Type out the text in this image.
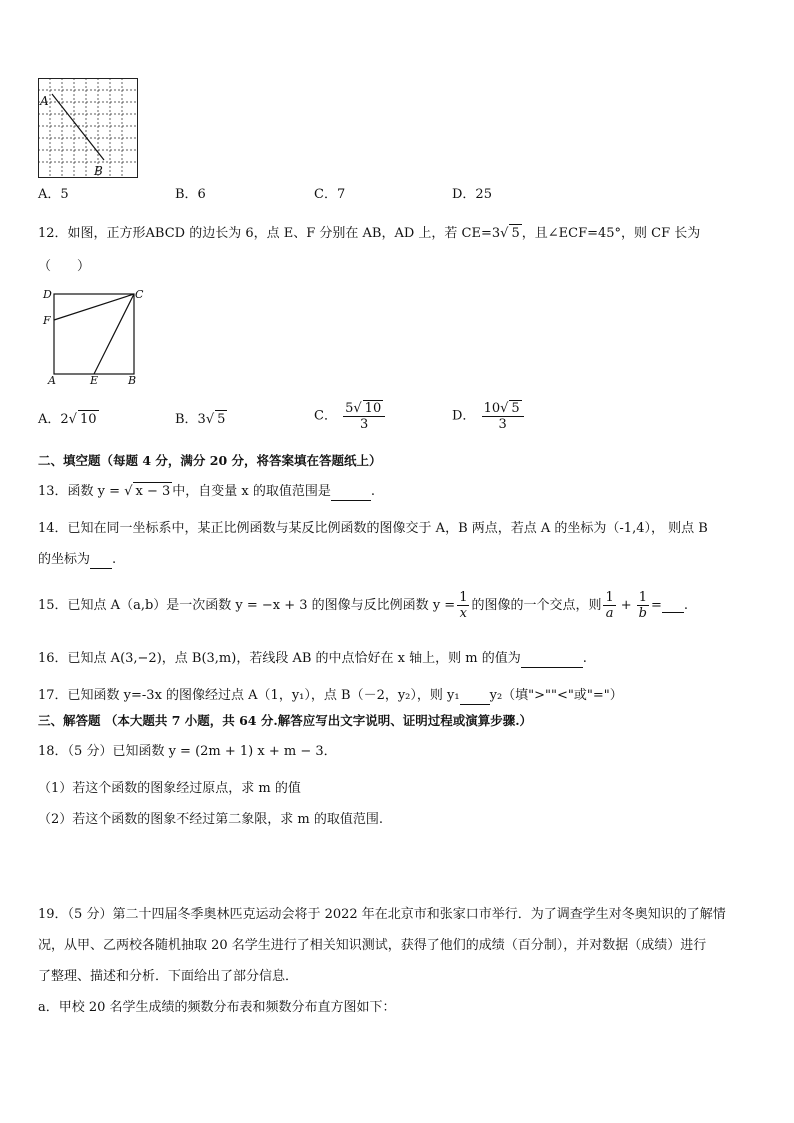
A
B
A．5	B．6	C．7	D．25
12．如图，正方形ABCD 的边长为 6，点 E、F 分别在 AB，AD 上，若 CE=3√ 5 ，且∠ECF=45°，则 CF 长为
（　　）
D	C
F
A	E	B
A．2√ 10	B．3√ 5	C． $\frac{5√ 10}{3}$	D． $\frac{10√ 5}{3}$
二、填空题（每题 4 分，满分 20 分，将答案填在答题纸上）
13．函数 y = √ x − 3 中，自变量 x 的取值范围是	.
14．已知在同一坐标系中，某正比例函数与某反比例函数的图像交于 A，B 两点，若点 A 的坐标为（-1,4）， 则点 B
的坐标为 .
15．已知点 A（a,b）是一次函数 y = −x + 3 的图像与反比例函数 $y = \frac{1}{x}$ 的图像的一个交点，则 $\frac{1}{a} + \frac{1}{b}$ = .
16．已知点 A(3,−2)，点 B(3,m)，若线段 AB 的中点恰好在 x 轴上，则 m 的值为	.
17．已知函数 y=-3x 的图像经过点 A（1，y₁），点 B（－2，y₂），则 y₁ y₂（填">""<"或"="）
三、解答题 （本大题共 7 小题，共 64 分.解答应写出文字说明、证明过程或演算步骤.）
18．（5 分）已知函数 y = (2m + 1) x + m − 3．
（1）若这个函数的图象经过原点，求 m 的值
（2）若这个函数的图象不经过第二象限，求 m 的取值范围.
19．（5 分）第二十四届冬季奥林匹克运动会将于 2022 年在北京市和张家口市举行．为了调查学生对冬奥知识的了解情
况，从甲、乙两校各随机抽取 20 名学生进行了相关知识测试，获得了他们的成绩（百分制），并对数据（成绩）进行
了整理、描述和分析．下面给出了部分信息．
a．甲校 20 名学生成绩的频数分布表和频数分布直方图如下：
